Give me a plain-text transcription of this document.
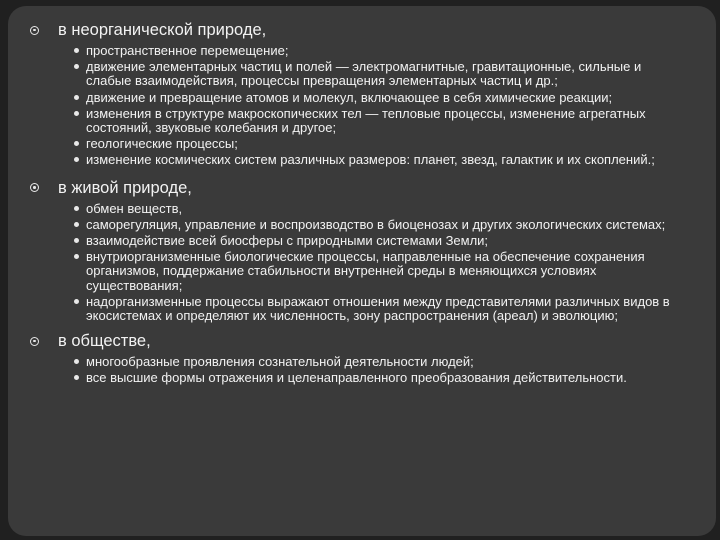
в неорганической природе,
пространственное перемещение;
движение элементарных частиц и полей — электромагнитные, гравитационные, сильные и слабые взаимодействия, процессы превращения элементарных частиц и др.;
движение и превращение атомов и молекул, включающее в себя химические реакции;
изменения в структуре макроскопических тел — тепловые процессы, изменение агрегатных состояний, звуковые колебания и другое;
геологические процессы;
изменение космических систем различных размеров: планет, звезд, галактик и их скоплений.;
в живой природе,
обмен веществ,
саморегуляция, управление и воспроизводство в биоценозах и других экологических системах;
взаимодействие всей биосферы с природными системами Земли;
внутриорганизменные биологические процессы, направленные на обеспечение сохранения организмов, поддержание стабильности внутренней среды в меняющихся условиях существования;
надорганизменные процессы выражают отношения между представителями различных видов в экосистемах и определяют их численность, зону распространения (ареал) и эволюцию;
в обществе,
многообразные проявления сознательной деятельности людей;
все высшие формы отражения и целенаправленного преобразования действительности.
